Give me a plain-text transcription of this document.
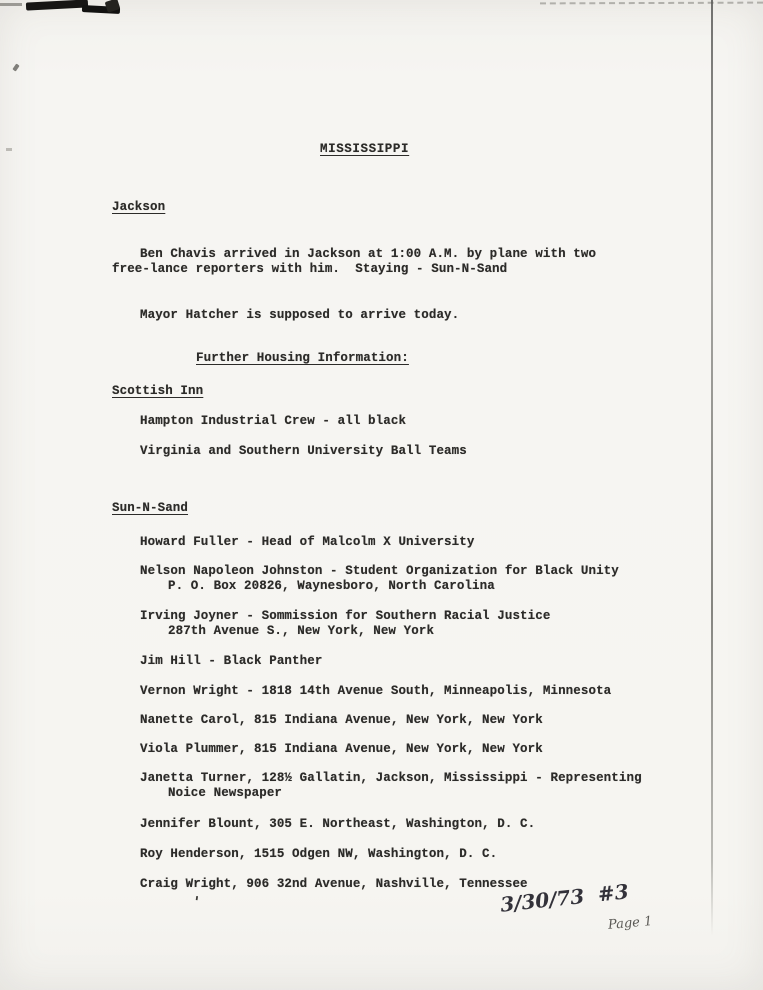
MISSISSIPPI
Jackson
Ben Chavis arrived in Jackson at 1:00 A.M. by plane with two
free-lance reporters with him.  Staying - Sun-N-Sand
Mayor Hatcher is supposed to arrive today.
Further Housing Information:
Scottish Inn
Hampton Industrial Crew - all black
Virginia and Southern University Ball Teams
Sun-N-Sand
Howard Fuller - Head of Malcolm X University
Nelson Napoleon Johnston - Student Organization for Black Unity
P. O. Box 20826, Waynesboro, North Carolina
Irving Joyner - Sommission for Southern Racial Justice
287th Avenue S., New York, New York
Jim Hill - Black Panther
Vernon Wright - 1818 14th Avenue South, Minneapolis, Minnesota
Nanette Carol, 815 Indiana Avenue, New York, New York
Viola Plummer, 815 Indiana Avenue, New York, New York
Janetta Turner, 128½ Gallatin, Jackson, Mississippi - Representing
Noice Newspaper
Jennifer Blount, 305 E. Northeast, Washington, D. C.
Roy Henderson, 1515 Odgen NW, Washington, D. C.
Craig Wright, 906 32nd Avenue, Nashville, Tennessee
'	3/30/73  #3
Page 1
